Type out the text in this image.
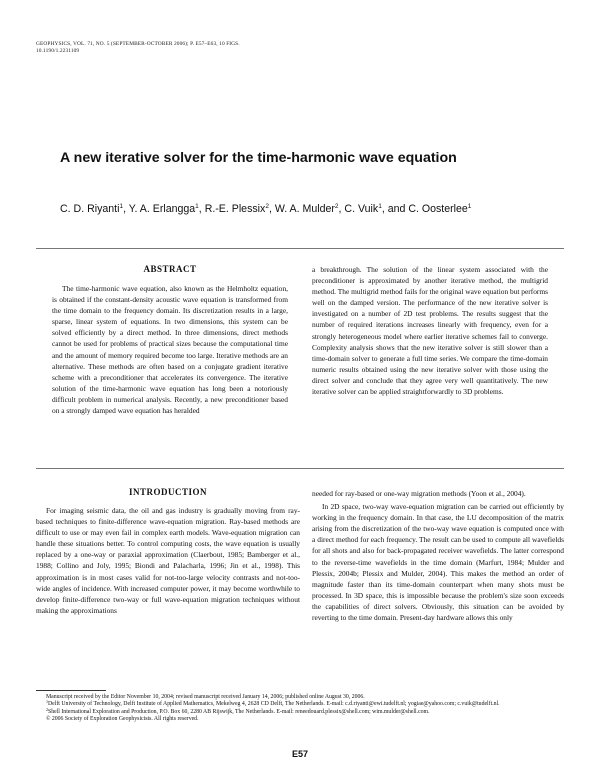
GEOPHYSICS, VOL. 71, NO. 5 (SEPTEMBER-OCTOBER 2006); P. E57–E63, 10 FIGS.
10.1190/1.2231109
A new iterative solver for the time-harmonic wave equation
C. D. Riyanti$^1$, Y. A. Erlangga$^1$, R.-E. Plessix$^2$, W. A. Mulder$^2$, C. Vuik$^1$, and C. Oosterlee$^1$
ABSTRACT
The time-harmonic wave equation, also known as the Helmholtz equation, is obtained if the constant-density acoustic wave equation is transformed from the time domain to the frequency domain. Its discretization results in a large, sparse, linear system of equations. In two dimensions, this system can be solved efficiently by a direct method. In three dimensions, direct methods cannot be used for problems of practical sizes because the computational time and the amount of memory required become too large. Iterative methods are an alternative. These methods are often based on a conjugate gradient iterative scheme with a preconditioner that accelerates its convergence. The iterative solution of the time-harmonic wave equation has long been a notoriously difficult problem in numerical analysis. Recently, a new preconditioner based on a strongly damped wave equation has heralded
a breakthrough. The solution of the linear system associated with the preconditioner is approximated by another iterative method, the multigrid method. The multigrid method fails for the original wave equation but performs well on the damped version. The performance of the new iterative solver is investigated on a number of 2D test problems. The results suggest that the number of required iterations increases linearly with frequency, even for a strongly heterogeneous model where earlier iterative schemes fail to converge. Complexity analysis shows that the new iterative solver is still slower than a time-domain solver to generate a full time series. We compare the time-domain numeric results obtained using the new iterative solver with those using the direct solver and conclude that they agree very well quantitatively. The new iterative solver can be applied straightforwardly to 3D problems.
INTRODUCTION
For imaging seismic data, the oil and gas industry is gradually moving from ray-based techniques to finite-difference wave-equation migration. Ray-based methods are difficult to use or may even fail in complex earth models. Wave-equation migration can handle these situations better. To control computing costs, the wave equation is usually replaced by a one-way or paraxial approximation (Claerbout, 1985; Bamberger et al., 1988; Collino and Joly, 1995; Biondi and Palacharla, 1996; Jin et al., 1998). This approximation is in most cases valid for not-too-large velocity contrasts and not-too-wide angles of incidence. With increased computer power, it may become worthwhile to develop finite-difference two-way or full wave-equation migration techniques without making the approximations

needed for ray-based or one-way migration methods (Yoon et al., 2004).

In 2D space, two-way wave-equation migration can be carried out efficiently by working in the frequency domain. In that case, the LU decomposition of the matrix arising from the discretization of the two-way wave equation is computed once with a direct method for each frequency. The result can be used to compute all wavefields for all shots and also for back-propagated receiver wavefields. The latter correspond to the reverse-time wavefields in the time domain (Marfurt, 1984; Mulder and Plessix, 2004b; Plessix and Mulder, 2004). This makes the method an order of magnitude faster than its time-domain counterpart when many shots must be processed. In 3D space, this is impossible because the problem's size soon exceeds the capabilities of direct solvers. Obviously, this situation can be avoided by reverting to the time domain. Present-day hardware allows this only

Manuscript received by the Editor November 10, 2004; revised manuscript received January 14, 2006; published online August 30, 2006.
$^1$Delft University of Technology, Delft Institute of Applied Mathematics, Mekelweg 4, 2628 CD Delft, The Netherlands. E-mail: c.d.riyanti@ewi.tudelft.nl; yogiae@yahoo.com; c.vuik@tudelft.nl.
$^2$Shell International Exploration and Production, P.O. Box 60, 2280 AB Rijswijk, The Netherlands. E-mail: reneedouard.plessix@shell.com; wim.mulder@shell.com.
© 2006 Society of Exploration Geophysicists. All rights reserved.
E57
